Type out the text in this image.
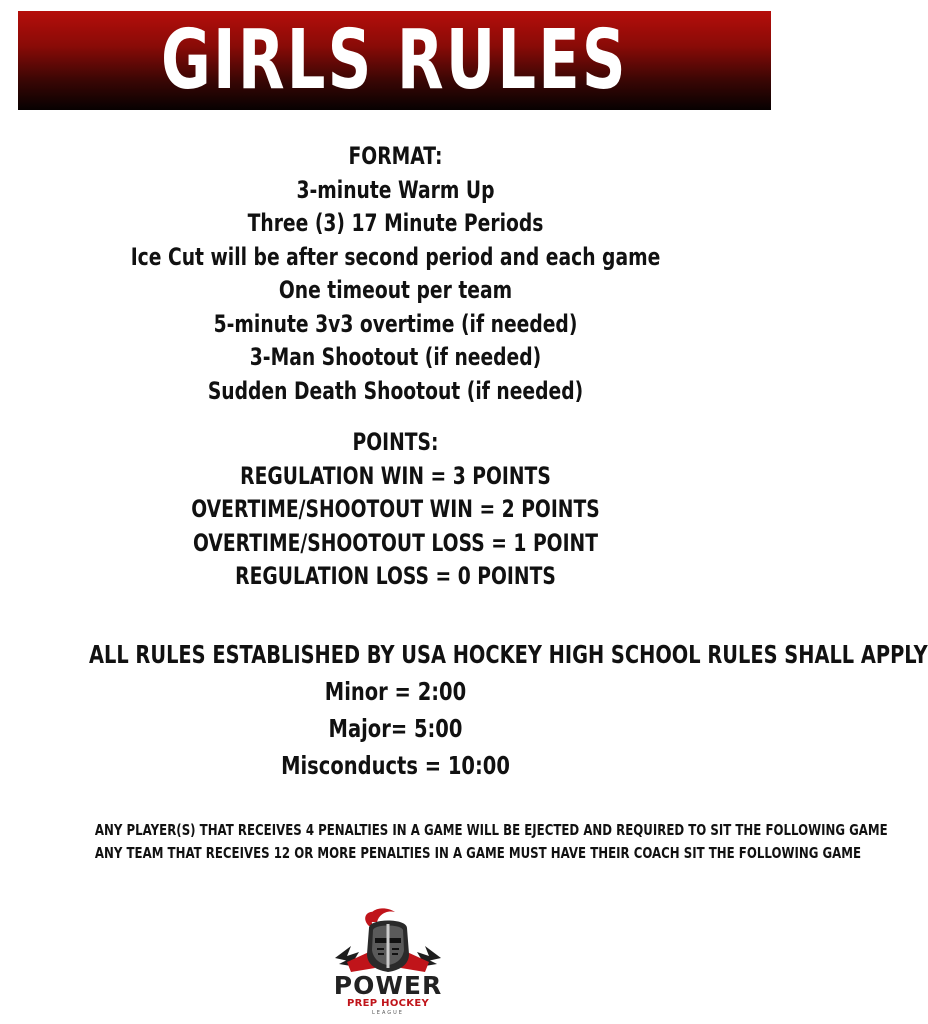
GIRLS RULES
FORMAT:
3-minute Warm Up
Three (3) 17 Minute Periods
Ice Cut will be after second period and each game
One timeout per team
5-minute 3v3 overtime (if needed)
3-Man Shootout (if needed)
Sudden Death Shootout (if needed)
POINTS:
REGULATION WIN = 3 POINTS
OVERTIME/SHOOTOUT WIN = 2 POINTS
OVERTIME/SHOOTOUT LOSS = 1 POINT
REGULATION LOSS = 0 POINTS
ALL RULES ESTABLISHED BY USA HOCKEY HIGH SCHOOL RULES SHALL APPLY
Minor = 2:00
Major= 5:00
Misconducts = 10:00
ANY PLAYER(S) THAT RECEIVES 4 PENALTIES IN A GAME WILL BE EJECTED AND REQUIRED TO SIT THE FOLLOWING GAME
ANY TEAM THAT RECEIVES 12 OR MORE PENALTIES IN A GAME MUST HAVE THEIR COACH SIT THE FOLLOWING GAME
POWER
PREP HOCKEY
LEAGUE
